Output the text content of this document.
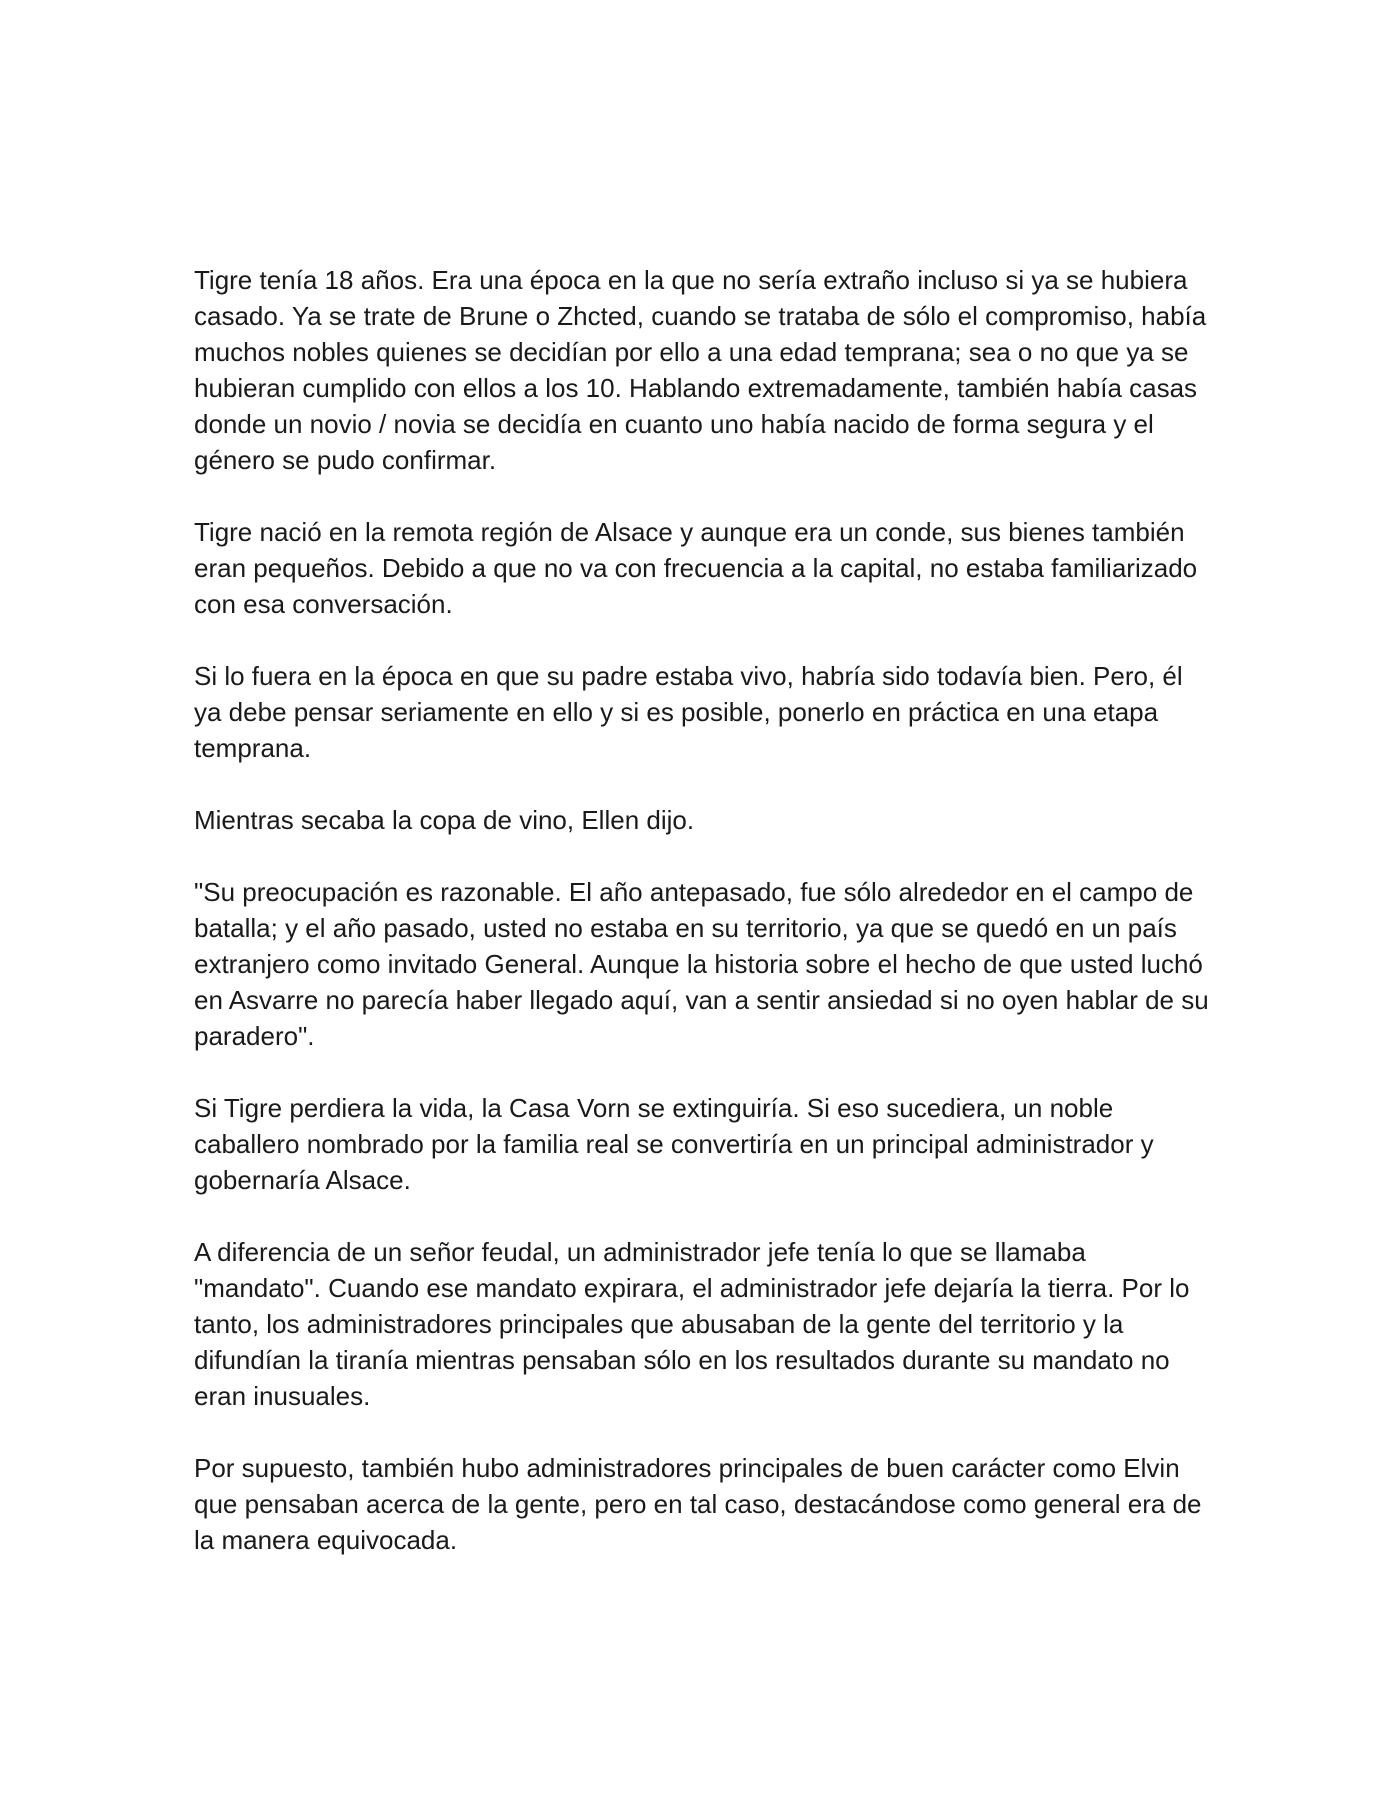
Tigre tenía 18 años. Era una época en la que no sería extraño incluso si ya se hubiera casado. Ya se trate de Brune o Zhcted, cuando se trataba de sólo el compromiso, había muchos nobles quienes se decidían por ello a una edad temprana; sea o no que ya se hubieran cumplido con ellos a los 10. Hablando extremadamente, también había casas donde un novio / novia se decidía en cuanto uno había nacido de forma segura y el género se pudo confirmar.

Tigre nació en la remota región de Alsace y aunque era un conde, sus bienes también eran pequeños. Debido a que no va con frecuencia a la capital, no estaba familiarizado con esa conversación.

Si lo fuera en la época en que su padre estaba vivo, habría sido todavía bien. Pero, él ya debe pensar seriamente en ello y si es posible, ponerlo en práctica en una etapa temprana.

Mientras secaba la copa de vino, Ellen dijo.

"Su preocupación es razonable. El año antepasado, fue sólo alrededor en el campo de batalla; y el año pasado, usted no estaba en su territorio, ya que se quedó en un país extranjero como invitado General. Aunque la historia sobre el hecho de que usted luchó en Asvarre no parecía haber llegado aquí, van a sentir ansiedad si no oyen hablar de su paradero".

Si Tigre perdiera la vida, la Casa Vorn se extinguiría. Si eso sucediera, un noble caballero nombrado por la familia real se convertiría en un principal administrador y gobernaría Alsace.

A diferencia de un señor feudal, un administrador jefe tenía lo que se llamaba "mandato". Cuando ese mandato expirara, el administrador jefe dejaría la tierra. Por lo tanto, los administradores principales que abusaban de la gente del territorio y la difundían la tiranía mientras pensaban sólo en los resultados durante su mandato no eran inusuales.

Por supuesto, también hubo administradores principales de buen carácter como Elvin que pensaban acerca de la gente, pero en tal caso, destacándose como general era de la manera equivocada.
